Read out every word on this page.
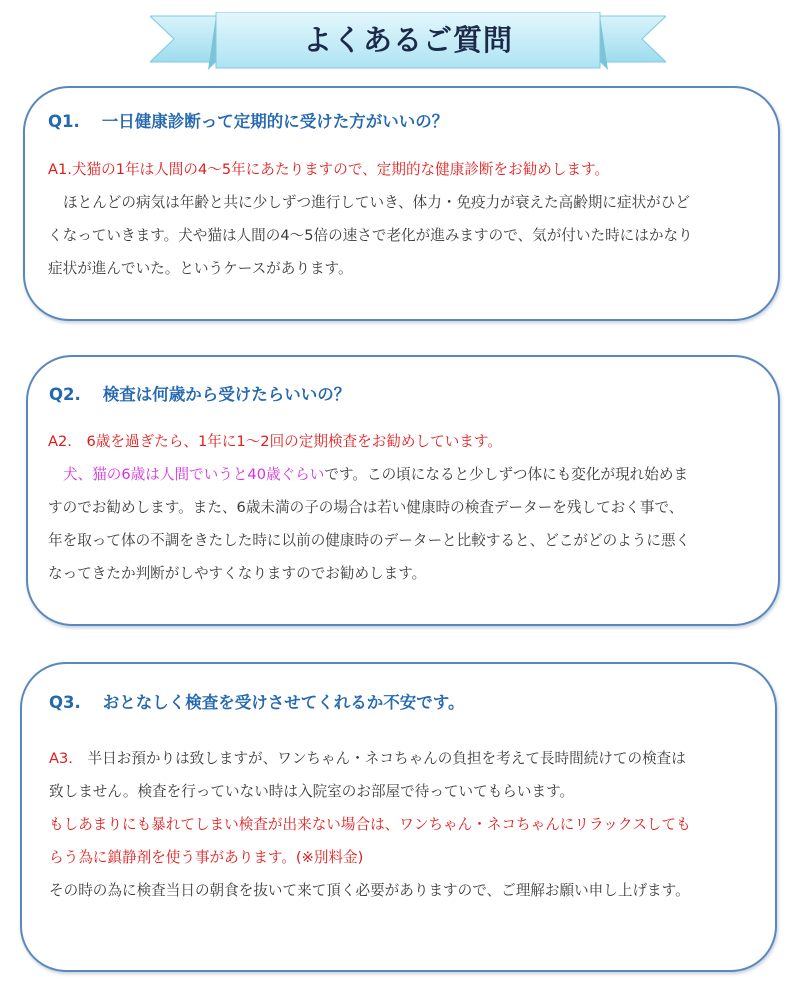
よくあるご質問
Q1. 一日健康診断って定期的に受けた方がいいの？
A1.犬猫の1年は人間の4～5年にあたりますので、定期的な健康診断をお勧めします。
ほとんどの病気は年齢と共に少しずつ進行していき、体力・免疫力が衰えた高齢期に症状がひど
くなっていきます。犬や猫は人間の4～5倍の速さで老化が進みますので、気が付いた時にはかなり
症状が進んでいた。というケースがあります。
Q2. 検査は何歳から受けたらいいの？
A2.　6歳を過ぎたら、1年に1～2回の定期検査をお勧めしています。
犬、猫の6歳は人間でいうと40歳ぐらいです。この頃になると少しずつ体にも変化が現れ始めま
すのでお勧めします。また、6歳未満の子の場合は若い健康時の検査データーを残しておく事で、
年を取って体の不調をきたした時に以前の健康時のデーターと比較すると、どこがどのように悪く
なってきたか判断がしやすくなりますのでお勧めします。
Q3. おとなしく検査を受けさせてくれるか不安です。
A3.　半日お預かりは致しますが、ワンちゃん・ネコちゃんの負担を考えて長時間続けての検査は
致しません。検査を行っていない時は入院室のお部屋で待っていてもらいます。
もしあまりにも暴れてしまい検査が出来ない場合は、ワンちゃん・ネコちゃんにリラックスしても
らう為に鎮静剤を使う事があります。(※別料金)
その時の為に検査当日の朝食を抜いて来て頂く必要がありますので、ご理解お願い申し上げます。
